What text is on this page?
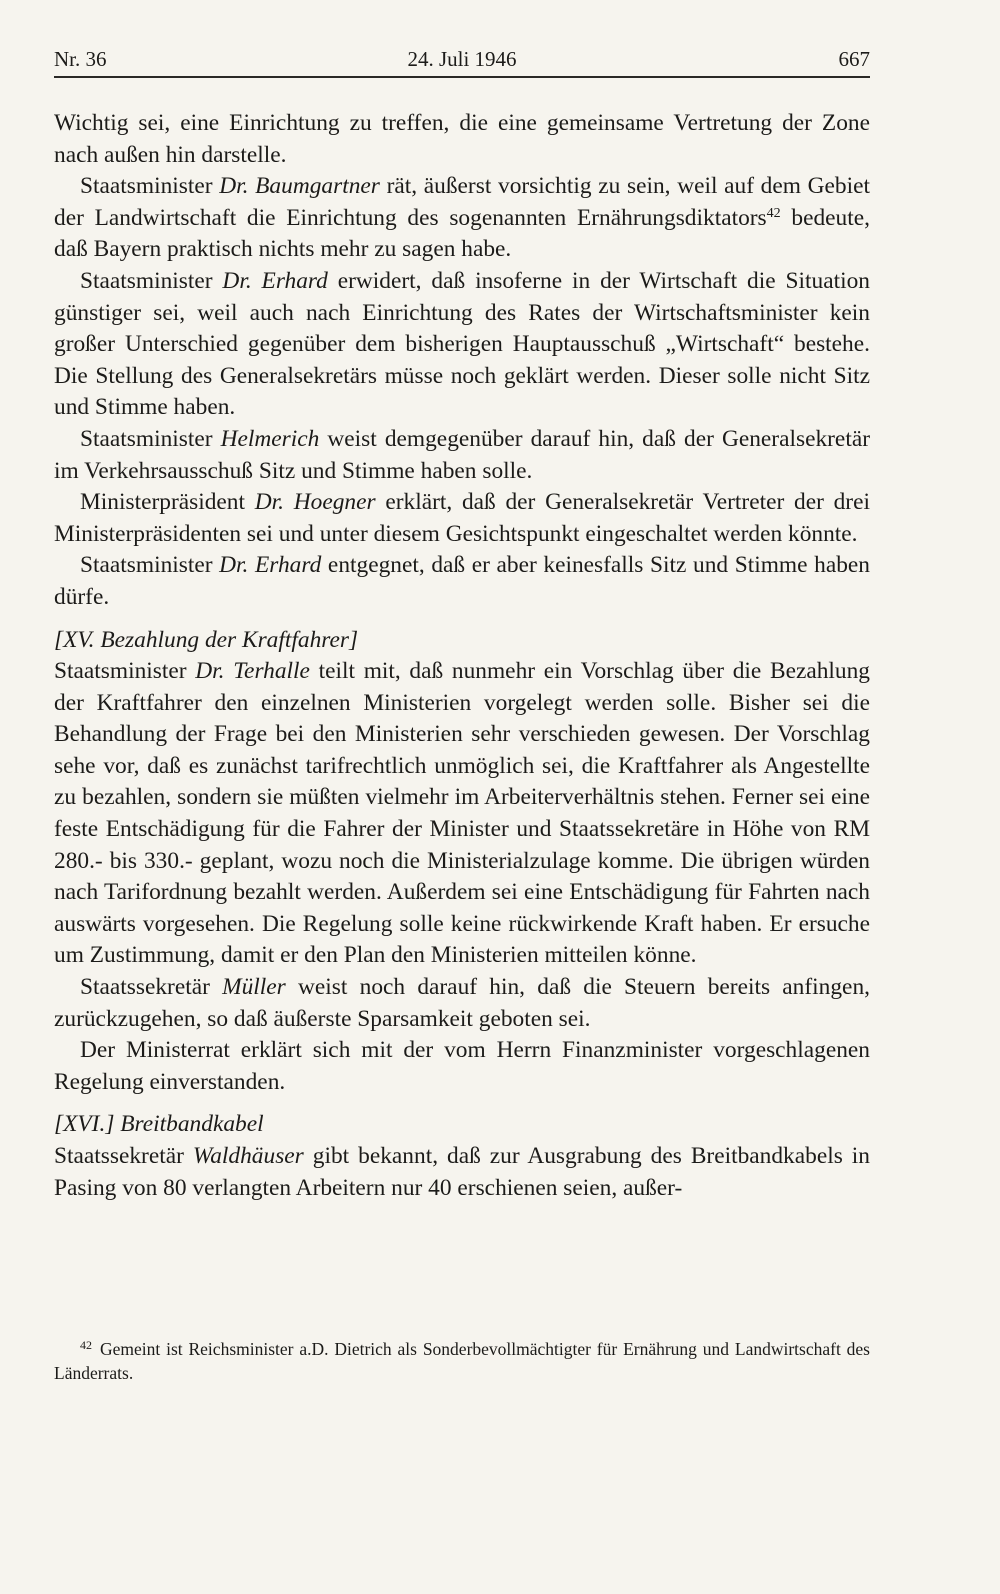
Nr. 36	24. Juli 1946	667

Wichtig sei, eine Einrichtung zu treffen, die eine gemeinsame Vertretung der Zone nach außen hin darstelle.

Staatsminister Dr. Baumgartner rät, äußerst vorsichtig zu sein, weil auf dem Gebiet der Landwirtschaft die Einrichtung des sogenannten Ernährungsdiktators$^{42}$ bedeute, daß Bayern praktisch nichts mehr zu sagen habe.

Staatsminister Dr. Erhard erwidert, daß insoferne in der Wirtschaft die Situation günstiger sei, weil auch nach Einrichtung des Rates der Wirtschaftsminister kein großer Unterschied gegenüber dem bisherigen Hauptausschuß „Wirtschaft“ bestehe. Die Stellung des Generalsekretärs müsse noch geklärt werden. Dieser solle nicht Sitz und Stimme haben.

Staatsminister Helmerich weist demgegenüber darauf hin, daß der Generalsekretär im Verkehrsausschuß Sitz und Stimme haben solle.

Ministerpräsident Dr. Hoegner erklärt, daß der Generalsekretär Vertreter der drei Ministerpräsidenten sei und unter diesem Gesichtspunkt eingeschaltet werden könnte.

Staatsminister Dr. Erhard entgegnet, daß er aber keinesfalls Sitz und Stimme haben dürfe.

[XV. Bezahlung der Kraftfahrer]

Staatsminister Dr. Terhalle teilt mit, daß nunmehr ein Vorschlag über die Bezahlung der Kraftfahrer den einzelnen Ministerien vorgelegt werden solle. Bisher sei die Behandlung der Frage bei den Ministerien sehr verschieden gewesen. Der Vorschlag sehe vor, daß es zunächst tarifrechtlich unmöglich sei, die Kraftfahrer als Angestellte zu bezahlen, sondern sie müßten vielmehr im Arbeiterverhältnis stehen. Ferner sei eine feste Entschädigung für die Fahrer der Minister und Staatssekretäre in Höhe von RM 280.- bis 330.- geplant, wozu noch die Ministerialzulage komme. Die übrigen würden nach Tarifordnung bezahlt werden. Außerdem sei eine Entschädigung für Fahrten nach auswärts vorgesehen. Die Regelung solle keine rückwirkende Kraft haben. Er ersuche um Zustimmung, damit er den Plan den Ministerien mitteilen könne.

Staatssekretär Müller weist noch darauf hin, daß die Steuern bereits anfingen, zurückzugehen, so daß äußerste Sparsamkeit geboten sei.

Der Ministerrat erklärt sich mit der vom Herrn Finanzminister vorgeschlagenen Regelung einverstanden.

[XVI.] Breitbandkabel

Staatssekretär Waldhäuser gibt bekannt, daß zur Ausgrabung des Breitbandkabels in Pasing von 80 verlangten Arbeitern nur 40 erschienen seien, außer-

$^{42}$ Gemeint ist Reichsminister a.D. Dietrich als Sonderbevollmächtigter für Ernährung und Landwirtschaft des Länderrats.
